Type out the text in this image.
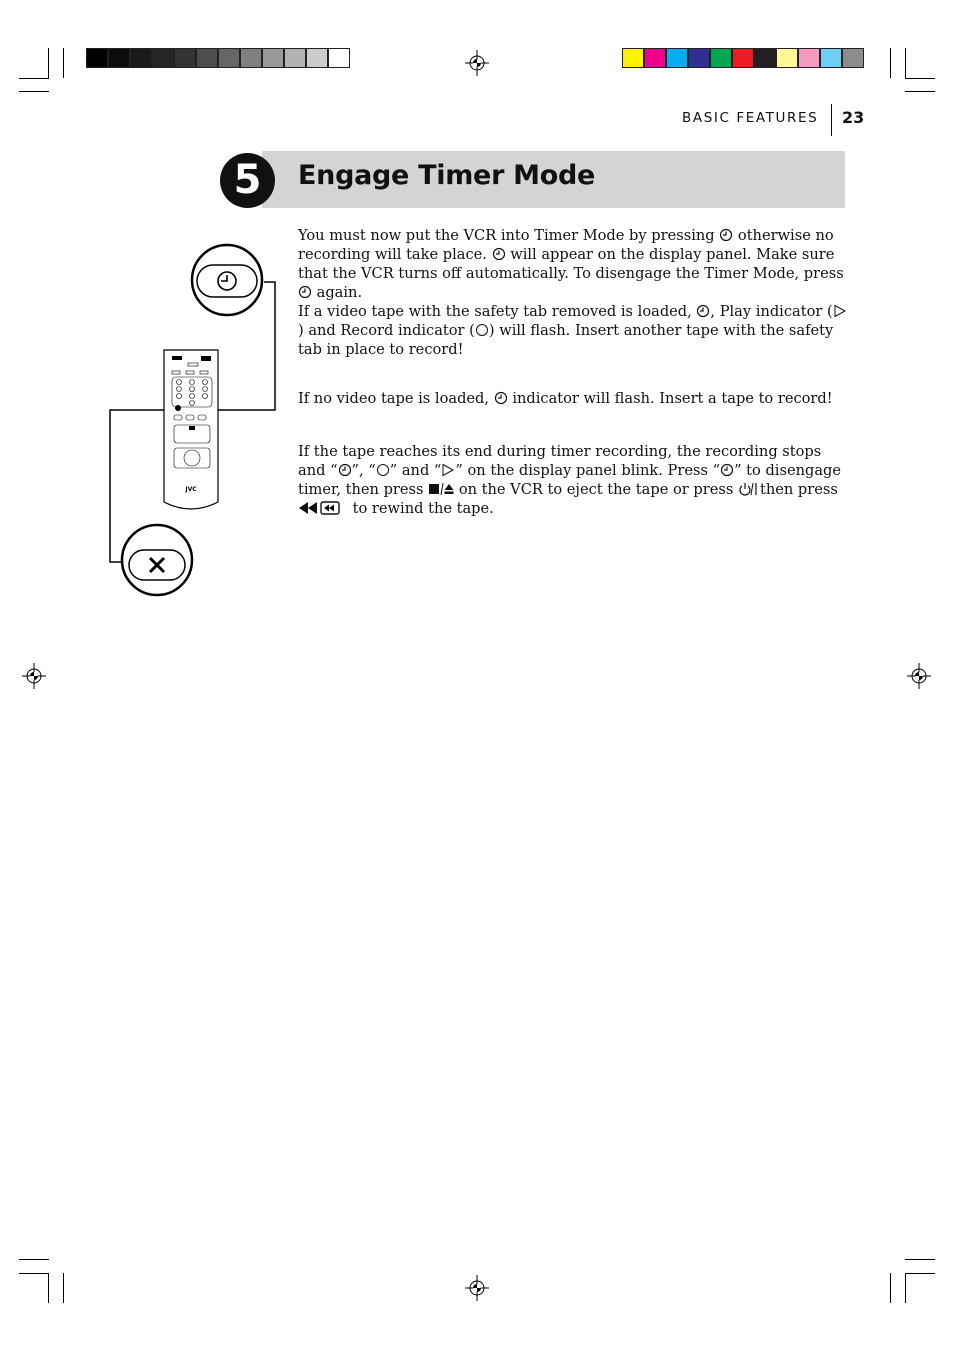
BASIC FEATURES 23
5	Engage Timer Mode
JVC

You must now put the VCR into Timer Mode by pressing otherwise no recording will take place. will appear on the display panel. Make sure that the VCR turns off automatically. To disengage the Timer Mode, press  again.

If a video tape with the safety tab removed is loaded, , Play indicator () and Record indicator ( ) will flash. Insert another tape with the safety tab in place to record!

If no video tape is loaded, indicator will flash. Insert a tape to record!

If the tape reaches its end during timer recording, the recording stops and “ ”, “ ” and “ ” on the display panel blink. Press “ ” to disengage timer, then press on the VCR to eject the tape or press then press  to rewind the tape.
